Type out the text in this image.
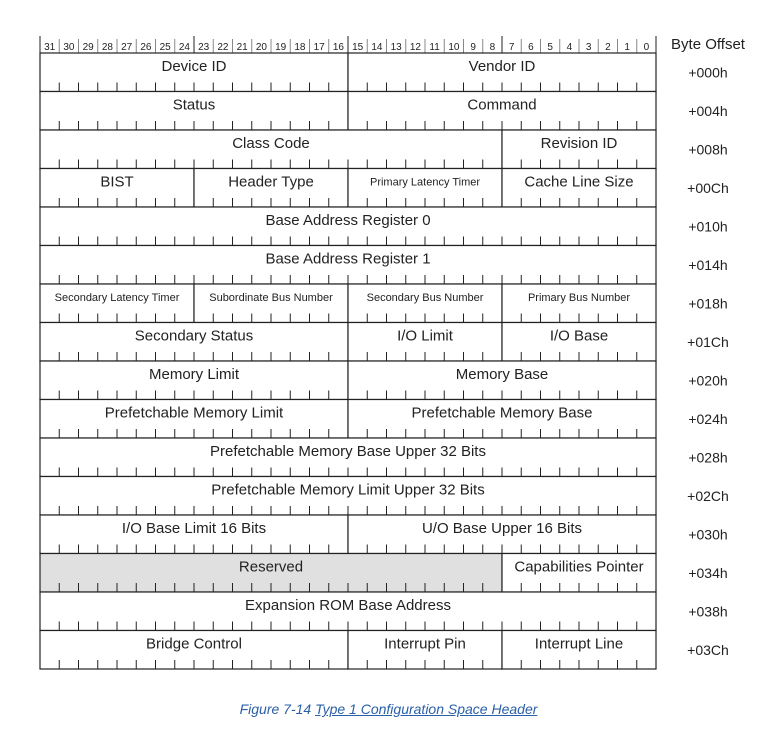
31 30 29 28 27 26 25 24 23 22 21 20 19 18 17 16 15 14 13 12 11 10 9 8 7 6 5 4 3 2 1 0 Byte Offset
Device ID	Vendor ID	+000h
Status	Command	+004h
Class Code	Revision ID	+008h
BIST	Header Type	Primary Latency Timer	Cache Line Size	+00Ch
Base Address Register 0	+010h
Base Address Register 1	+014h
Secondary Latency Timer	Subordinate Bus Number	Secondary Bus Number	Primary Bus Number	+018h
Secondary Status	I/O Limit	I/O Base	+01Ch
Memory Limit	Memory Base	+020h
Prefetchable Memory Limit	Prefetchable Memory Base	+024h
Prefetchable Memory Base Upper 32 Bits	+028h
Prefetchable Memory Limit Upper 32 Bits	+02Ch
I/O Base Limit 16 Bits	U/O Base Upper 16 Bits	+030h
Reserved	Capabilities Pointer	+034h
Expansion ROM Base Address	+038h
Bridge Control	Interrupt Pin	Interrupt Line	+03Ch
Figure 7-14 Type 1 Configuration Space Header
